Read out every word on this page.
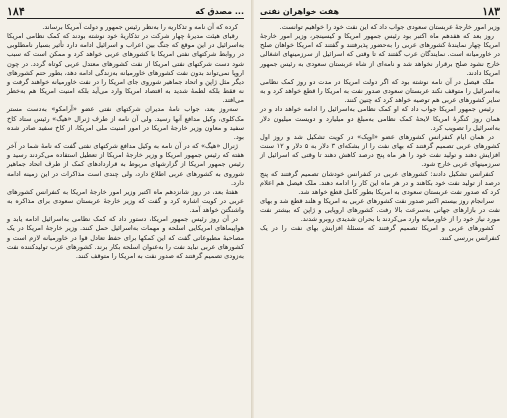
١٨۴	مصدق که ...

کرده که آن نامه و تذکاریه را به‌نظر رئیس جمهور و دولت آمریکا برساند.

رقبای هیئت مدیرۀ چهار شرکت در تذکاریۀ خود نوشته بودند که کمک نظامی امریکا به‌اسرائیل در این موقع که جنگ بین اعراب و اسرائیل ادامه دارد تأثیر بسیار نامطلوبی در روابط شرکتهای نفتی امریکا با کشورهای عربی خواهد کرد و ممکن است که سبب شود دست شرکتهای نفتی امریکا از نفت کشورهای معتدل عربی کوتاه گردد. در چون اروپا نمی‌تواند بدون نفت کشورهای خاورمیانه به‌زندگی ادامه دهد، بطور حتم کشورهای دیگر مثل ژاپن و اتحاد جماهیر شوروی جای امریکا را در نفت خاورمیانه خواهند گرفت و نه فقط بلکه لطمۀ شدید به اقتصاد امریکا وارد می‌آید بلکه امنیت امریکا هم به‌خطر می‌افتد.

سه‌روز بعد، جواب نامۀ مدیران شرکتهای نفتی عضو «آرامکو» به‌دست مستر مک‌کلوی، وکیل مدافع آنها رسید. ولی آن نامه از طرف ژنرال «هیگ» رئیس ستاد کاخ سفید و معاون وزیر خارجۀ امریکا در امور امنیت ملی امریکا، از کاخ سفید صادر شده بود.

ژنرال «هیگ» که در آن نامه به وکیل مدافع شرکتهای نفتی گفت که نامۀ شما در آخر هفته که رئیس جمهور امریکا و وزیر خارجۀ امریکا از تعطیل استفاده می‌کردند رسید و رئیس جمهور امریکا از گزارشهای مربوط به قراردادهای کمک از طرف اتحاد جماهیر شوروی به کشورهای عربی اطلاع دارد، ولی چندی است مذاکرات در این زمینه ادامه دارد.

هفتۀ بعد، در روز شانزدهم ماه اکتبر وزیر امور خارجۀ امریکا به کنفرانس کشورهای عربی در کویت اشاره کرد و گفت که وزیر خارجۀ عربستان سعودی برای مذاکره به واشنگتن خواهد آمد.

در آن روز رئیس جمهور امریکا، دستور داد که کمک نظامی به‌اسرائیل ادامه یابد و هواپیماهای امریکایی اسلحه و مهمات به‌اسرائیل حمل کنند. وزیر خارجۀ امریکا در یک مصاحبۀ مطبوعاتی گفت که این کمکها برای حفظ تعادل قوا در خاورمیانه لازم است و کشورهای عربی نباید نفت را به‌عنوان اسلحه بکار برند. کشورهای عرب تولیدکننده نفت به‌زودی تصمیم گرفتند که صدور نفت به امریکا را متوقف کنند.

هفت خواهران نفتی	١٨٣

وزیر امور خارجۀ عربستان سعودی جواب داد که این نفت خود را خواهیم توانست.

روز بعد که هفدهم ماه اکتبر بود رئیس جمهور امریکا و کیسینجر، وزیر امور خارجۀ امریکا چهار نمایندۀ کشورهای عربی را به‌حضور پذیرفتند و گفتند که امریکا خواهان صلح در خاورمیانه است. نمایندگان عرب گفتند که تا وقتی که اسرائیل از سرزمینهای اشغالی خارج نشود صلح برقرار نخواهد شد و نامه‌ای از شاه عربستان سعودی به رئیس جمهور امریکا دادند.

ملک فیصل در آن نامه نوشته بود که اگر دولت امریکا در مدت دو روز کمک نظامی به‌اسرائیل را متوقف نکند عربستان سعودی صدور نفت به امریکا را قطع خواهد کرد و به سایر کشورهای عربی هم توصیه خواهد کرد که چنین کنند.

رئیس جمهور امریکا جواب داد که او کمک نظامی به‌اسرائیل را ادامه خواهد داد و در همان روز کنگرۀ امریکا لایحۀ کمک نظامی به‌مبلغ دو میلیارد و دویست میلیون دلار به‌اسرائیل را تصویب کرد.

در همان ایام کنفرانس کشورهای عضو «اوپک» در کویت تشکیل شد و روز اول کشورهای عربی تصمیم گرفتند که بهای نفت را از بشکه‌ای ۳ دلار به ۵ دلار و ۱۲ سنت افزایش دهند و تولید نفت خود را هر ماه پنج درصد کاهش دهند تا وقتی که اسرائیل از سرزمینهای عربی خارج شود.

کنفرانس تشکیل دادند: کشورهای عربی در کنفرانس خودشان تصمیم گرفتند که پنج درصد از تولید نفت خود بکاهند و در هر ماه این کار را ادامه دهند. ملک فیصل هم اعلام کرد که صدور نفت عربستان سعودی به امریکا بطور کامل قطع خواهد شد.

سرانجام روز بیستم اکتبر صدور نفت کشورهای عربی به امریکا و هلند قطع شد و بهای نفت در بازارهای جهانی به‌سرعت بالا رفت. کشورهای اروپایی و ژاپن که بیشتر نفت مورد نیاز خود را از خاورمیانه وارد می‌کردند با بحران شدیدی روبرو شدند.

کشورهای عربی و امریکا تصمیم گرفتند که مسئلۀ افزایش بهای نفت را در یک کنفرانس بررسی کنند.
